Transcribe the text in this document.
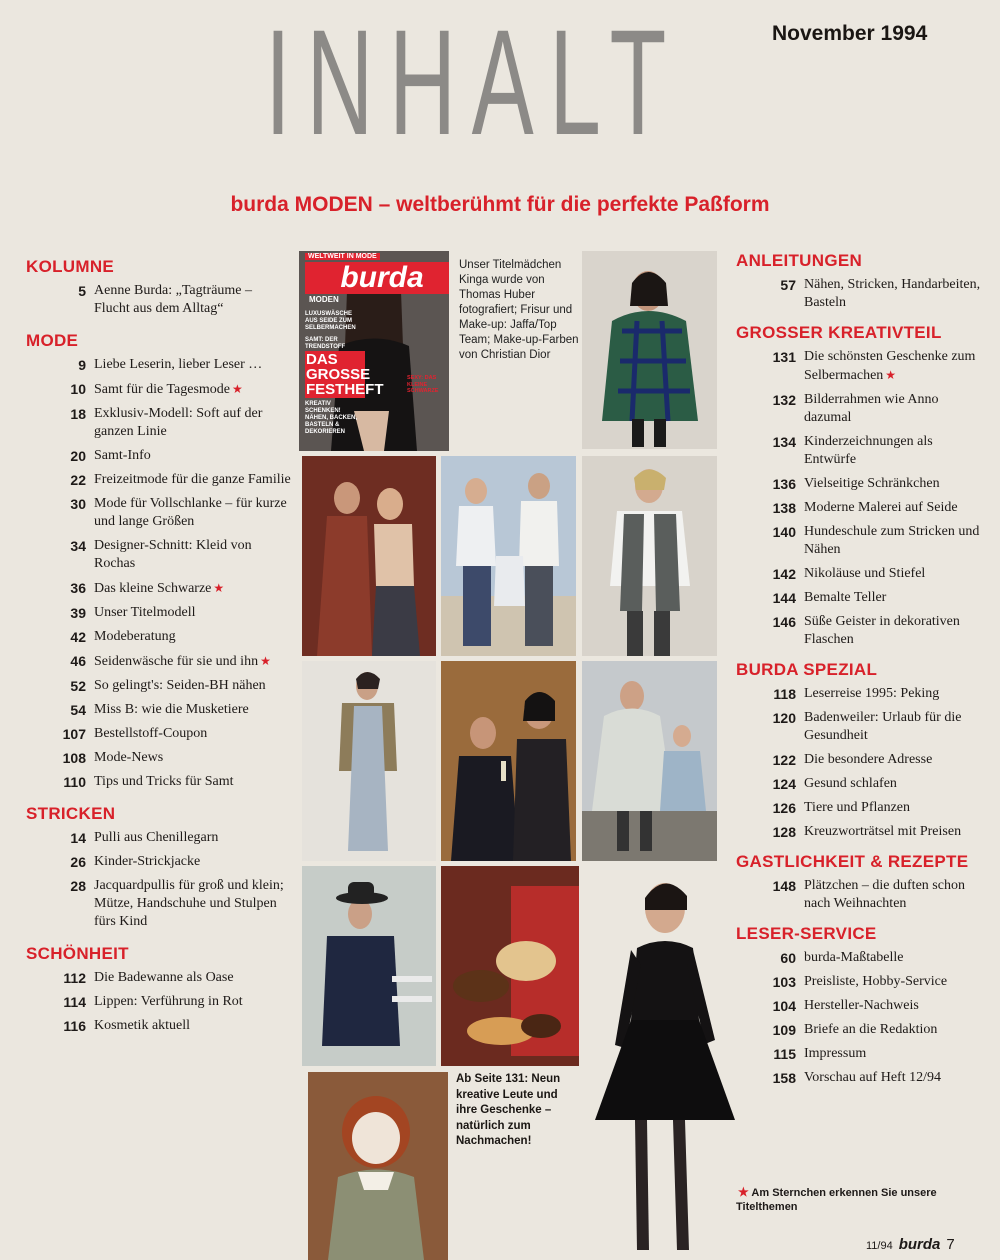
INHALT	November 1994
burda MODEN – weltberühmt für die perfekte Paßform
KOLUMNE
5 Aenne Burda: „Tagträume – Flucht aus dem Alltag“
MODE
9 Liebe Leserin, lieber Leser …
10 Samt für die Tagesmode ★
18 Exklusiv-Modell: Soft auf der ganzen Linie
20 Samt-Info
22 Freizeitmode für die ganze Familie
30 Mode für Vollschlanke – für kurze und lange Größen
34 Designer-Schnitt: Kleid von Rochas
36 Das kleine Schwarze ★
39 Unser Titelmodell
42 Modeberatung
46 Seidenwäsche für sie und ihn ★
52 So gelingt's: Seiden-BH nähen
54 Miss B: wie die Musketiere
107 Bestellstoff-Coupon
108 Mode-News
110 Tips und Tricks für Samt
STRICKEN
14 Pulli aus Chenillegarn
26 Kinder-Strickjacke
28 Jacquardpullis für groß und klein; Mütze, Handschuhe und Stulpen fürs Kind
SCHÖNHEIT
112 Die Badewanne als Oase
114 Lippen: Verführung in Rot
116 Kosmetik aktuell
ANLEITUNGEN
57 Nähen, Stricken, Handarbeiten, Basteln
GROSSER KREATIVTEIL
131 Die schönsten Geschenke zum Selbermachen ★
132 Bilderrahmen wie Anno dazumal
134 Kinderzeichnungen als Entwürfe
136 Vielseitige Schränkchen
138 Moderne Malerei auf Seide
140 Hundeschule zum Stricken und Nähen
142 Nikoläuse und Stiefel
144 Bemalte Teller
146 Süße Geister in dekorativen Flaschen
BURDA SPEZIAL
118 Leserreise 1995: Peking
120 Badenweiler: Urlaub für die Gesundheit
122 Die besondere Adresse
124 Gesund schlafen
126 Tiere und Pflanzen
128 Kreuzworträtsel mit Preisen
GASTLICHKEIT & REZEPTE
148 Plätzchen – die duften schon nach Weihnachten
LESER-SERVICE
60 burda-Maßtabelle
103 Preisliste, Hobby-Service
104 Hersteller-Nachweis
109 Briefe an die Redaktion
115 Impressum
158 Vorschau auf Heft 12/94
WELTWEIT IN MODE
burda
MODEN
LUXUSWÄSCHE AUS SEIDE ZUM SELBERMACHEN
SAMT: DER TRENDSTOFF
DAS GROSSE FESTHEFT
KREATIV SCHENKEN! NÄHEN, BACKEN, BASTELN & DEKORIEREN
SEXY: DAS KLEINE SCHWARZE
Unser Titelmädchen Kinga wurde von Thomas Huber fotografiert; Frisur und Make-up: Jaffa/Top Team; Make-up-Farben von Christian Dior
Ab Seite 131: Neun kreative Leute und ihre Geschenke – natürlich zum Nachmachen!
★ Am Sternchen erkennen Sie unsere Titelthemen
11/94 burda 7
